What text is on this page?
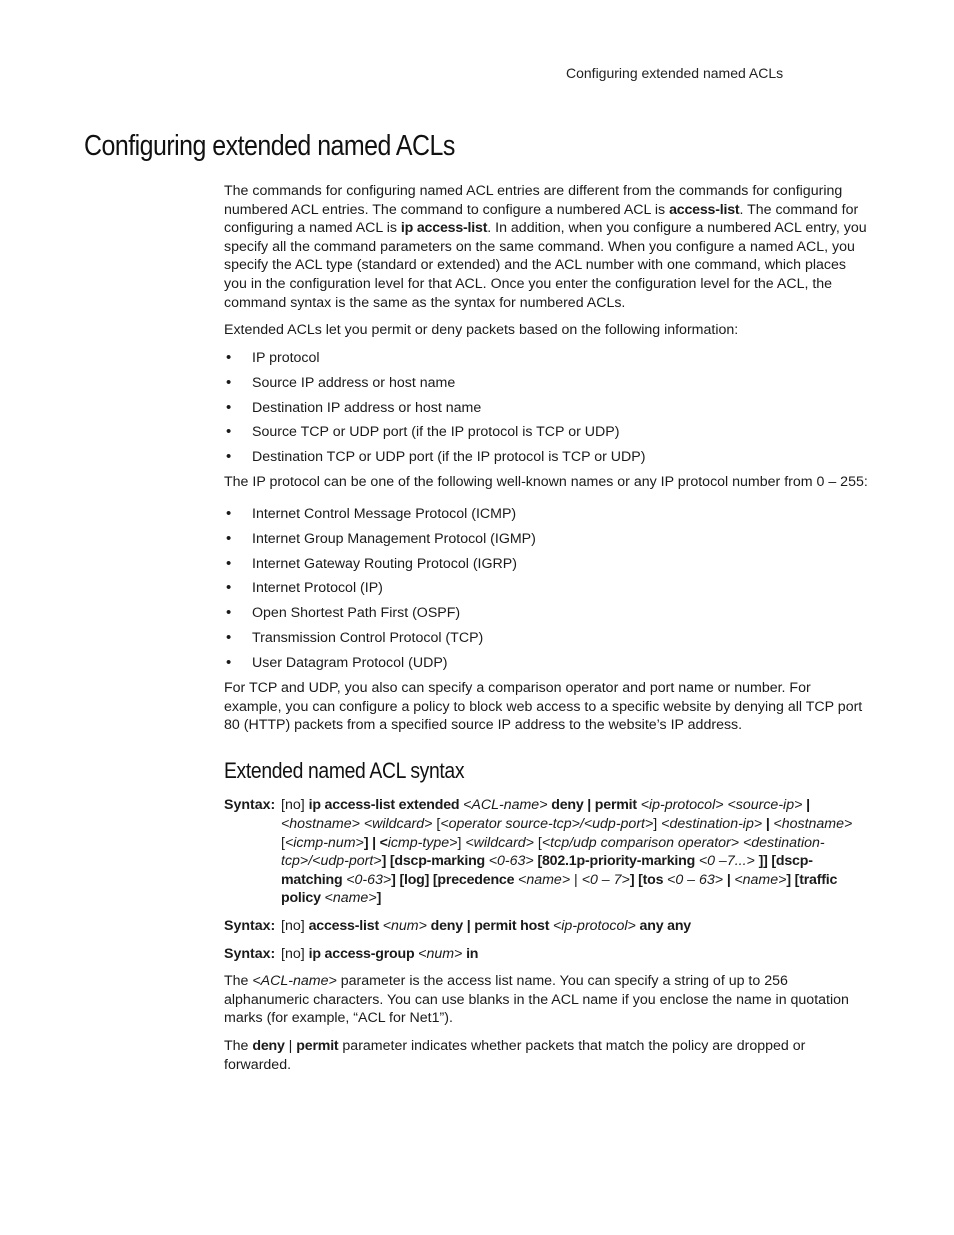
Configuring extended named ACLs
Configuring extended named ACLs

The commands for configuring named ACL entries are different from the commands for configuring numbered ACL entries. The command to configure a numbered ACL is access-list. The command for configuring a named ACL is ip access-list. In addition, when you configure a numbered ACL entry, you specify all the command parameters on the same command. When you configure a named ACL, you specify the ACL type (standard or extended) and the ACL number with one command, which places you in the configuration level for that ACL. Once you enter the configuration level for the ACL, the command syntax is the same as the syntax for numbered ACLs.

Extended ACLs let you permit or deny packets based on the following information:

• IP protocol
• Source IP address or host name
• Destination IP address or host name
• Source TCP or UDP port (if the IP protocol is TCP or UDP)
• Destination TCP or UDP port (if the IP protocol is TCP or UDP)

The IP protocol can be one of the following well-known names or any IP protocol number from 0 – 255:

• Internet Control Message Protocol (ICMP)
• Internet Group Management Protocol (IGMP)
• Internet Gateway Routing Protocol (IGRP)
• Internet Protocol (IP)
• Open Shortest Path First (OSPF)
• Transmission Control Protocol (TCP)
• User Datagram Protocol (UDP)

For TCP and UDP, you also can specify a comparison operator and port name or number. For example, you can configure a policy to block web access to a specific website by denying all TCP port 80 (HTTP) packets from a specified source IP address to the website’s IP address.

Extended named ACL syntax
Syntax: [no] ip access-list extended <ACL-name> deny | permit <ip-protocol> <source-ip> | <hostname> <wildcard> [<operator source-tcp>/<udp-port>] <destination-ip> | <hostname> [<icmp-num>] | <icmp-type>] <wildcard> [<tcp/udp comparison operator> <destination-tcp>/<udp-port>] [dscp-marking <0-63> [802.1p-priority-marking <0 –7...> ]] [dscp-matching <0-63>] [log] [precedence <name> | <0 – 7>] [tos <0 – 63> | <name>] [traffic policy <name>]
Syntax: [no] access-list <num> deny | permit host <ip-protocol> any any
Syntax: [no] ip access-group <num> in

The <ACL-name> parameter is the access list name. You can specify a string of up to 256 alphanumeric characters. You can use blanks in the ACL name if you enclose the name in quotation marks (for example, “ACL for Net1”).

The deny | permit parameter indicates whether packets that match the policy are dropped or forwarded.
